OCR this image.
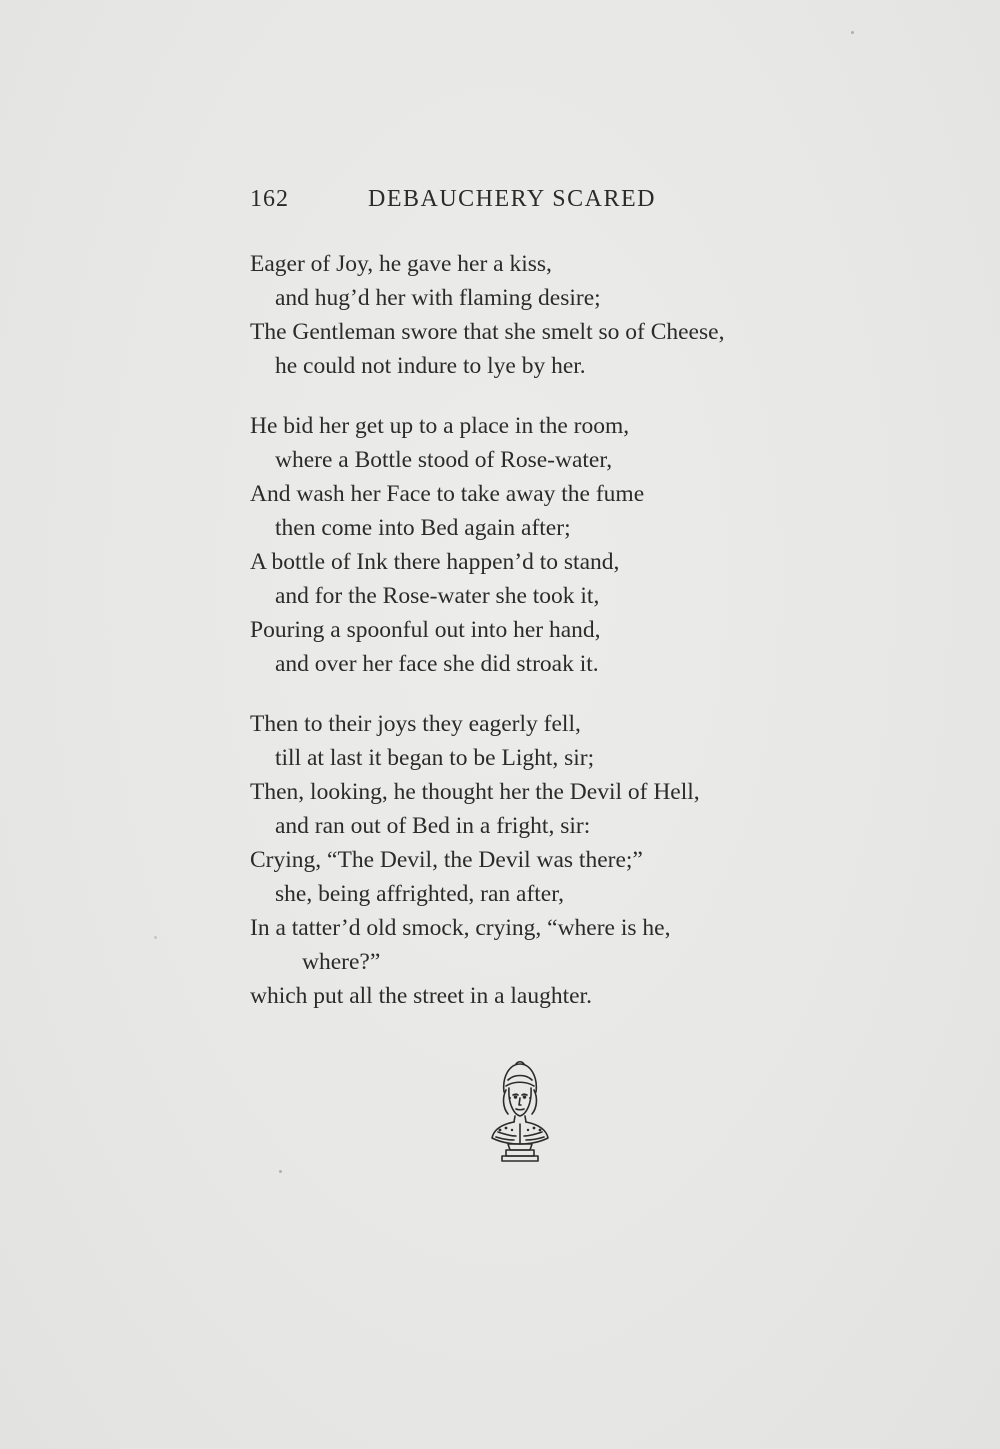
162	DEBAUCHERY SCARED
Eager of Joy, he gave her a kiss,
and hug’d her with flaming desire;
The Gentleman swore that she smelt so of Cheese,
he could not indure to lye by her.
He bid her get up to a place in the room,
where a Bottle stood of Rose-water,
And wash her Face to take away the fume
then come into Bed again after;
A bottle of Ink there happen’d to stand,
and for the Rose-water she took it,
Pouring a spoonful out into her hand,
and over her face she did stroak it.
Then to their joys they eagerly fell,
till at last it began to be Light, sir;
Then, looking, he thought her the Devil of Hell,
and ran out of Bed in a fright, sir:
Crying, “The Devil, the Devil was there;”
she, being affrighted, ran after,
In a tatter’d old smock, crying, “where is he,
where?”
which put all the street in a laughter.
